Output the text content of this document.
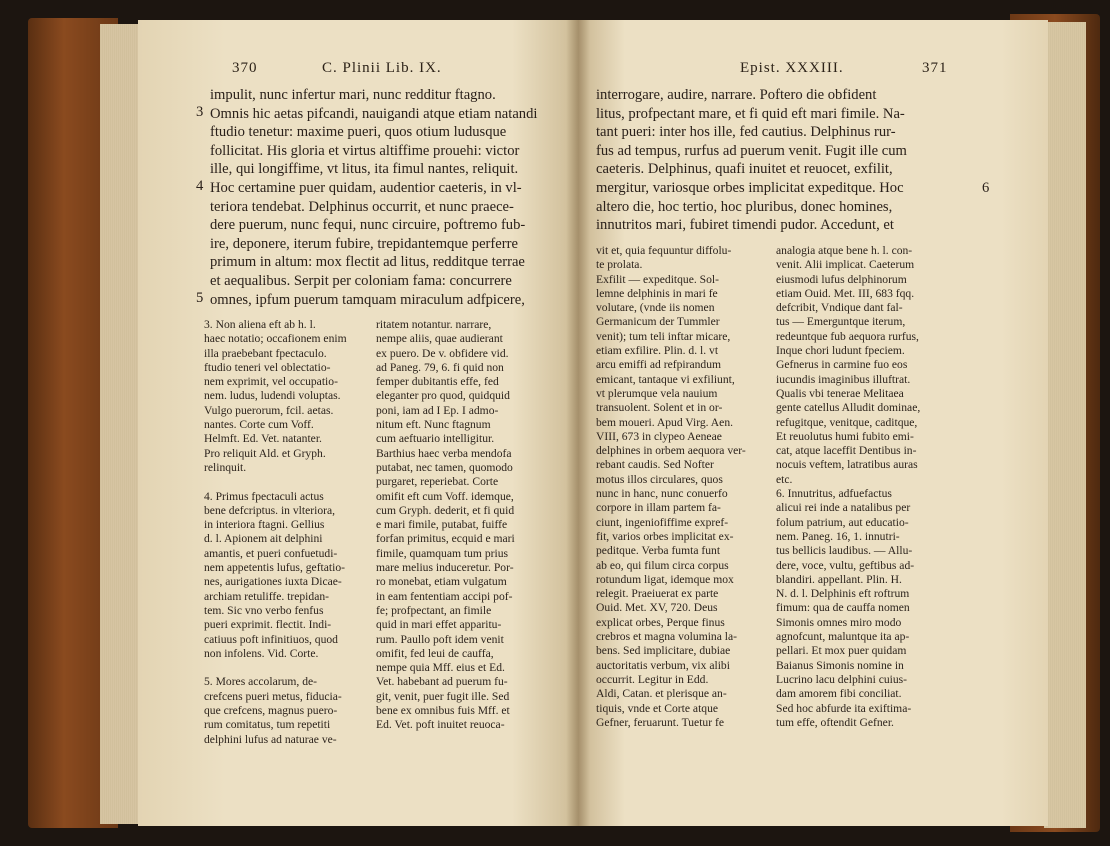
370	C. Plinii Lib. IX.	Epist. XXXIII.	371
impulit, nunc infertur mari, nunc redditur ftagno.
Omnis hic aetas pifcandi, nauigandi atque etiam natandi
ftudio tenetur: maxime pueri, quos otium ludusque
follicitat. His gloria et virtus altiffime prouehi: victor
ille, qui longiffime, vt litus, ita fimul nantes, reliquit.
Hoc certamine puer quidam, audentior caeteris, in vl-
teriora tendebat. Delphinus occurrit, et nunc praece-
dere puerum, nunc fequi, nunc circuire, poftremo fub-
ire, deponere, iterum fubire, trepidantemque perferre
primum in altum: mox flectit ad litus, redditque terrae
et aequalibus. Serpit per coloniam fama: concurrere
omnes, ipfum puerum tamquam miraculum adfpicere,
3
4
5
3. Non aliena eft ab h. l.
haec notatio; occafionem enim
illa praebebant fpectaculo.
ftudio teneri vel oblectatio-
nem exprimit, vel occupatio-
nem. ludus, ludendi voluptas.
Vulgo puerorum, fcil. aetas.
nantes. Corte cum Voff.
Helmft. Ed. Vet. natanter.
Pro reliquit Ald. et Gryph.
relinquit.
4. Primus fpectaculi actus
bene defcriptus. in vlteriora,
in interiora ftagni. Gellius
d. l. Apionem ait delphini
amantis, et pueri confuetudi-
nem appetentis lufus, geftatio-
nes, aurigationes iuxta Dicae-
archiam retuliffe. trepidan-
tem. Sic vno verbo fenfus
pueri exprimit. flectit. Indi-
catiuus poft infinitiuos, quod
non infolens. Vid. Corte.
5. Mores accolarum, de-
crefcens pueri metus, fiducia-
que crefcens, magnus puero-
rum comitatus, tum repetiti
delphini lufus ad naturae ve-
ritatem notantur. narrare,
nempe aliis, quae audierant
ex puero. De v. obfidere vid.
ad Paneg. 79, 6. fi quid non
femper dubitantis effe, fed
eleganter pro quod, quidquid
poni, iam ad I Ep. I admo-
nitum eft. Nunc ftagnum
cum aeftuario intelligitur.
Barthius haec verba mendofa
putabat, nec tamen, quomodo
purgaret, reperiebat. Corte
omifit eft cum Voff. idemque,
cum Gryph. dederit, et fi quid
e mari fimile, putabat, fuiffe
forfan primitus, ecquid e mari
fimile, quamquam tum prius
mare melius induceretur. Por-
ro monebat, etiam vulgatum
in eam fententiam accipi pof-
fe; profpectant, an fimile
quid in mari effet apparitu-
rum. Paullo poft idem venit
omifit, fed leui de cauffa,
nempe quia Mff. eius et Ed.
Vet. habebant ad puerum fu-
git, venit, puer fugit ille. Sed
bene ex omnibus fuis Mff. et
Ed. Vet. poft inuitet reuoca-
interrogare, audire, narrare. Poftero die obfident
litus, profpectant mare, et fi quid eft mari fimile. Na-
tant pueri: inter hos ille, fed cautius. Delphinus rur-
fus ad tempus, rurfus ad puerum venit. Fugit ille cum
caeteris. Delphinus, quafi inuitet et reuocet, exfilit,
mergitur, variosque orbes implicitat expeditque. Hoc
altero die, hoc tertio, hoc pluribus, donec homines,
innutritos mari, fubiret timendi pudor. Accedunt, et
6
vit et, quia fequuntur diffolu-
te prolata.
Exfilit — expeditque. Sol-
lemne delphinis in mari fe
volutare, (vnde iis nomen
Germanicum der Tummler
venit); tum teli inftar micare,
etiam exfilire. Plin. d. l. vt
arcu emiffi ad refpirandum
emicant, tantaque vi exfiliunt,
vt plerumque vela nauium
transuolent. Solent et in or-
bem moueri. Apud Virg. Aen.
VIII, 673 in clypeo Aeneae
delphines in orbem aequora ver-
rebant caudis. Sed Nofter
motus illos circulares, quos
nunc in hanc, nunc conuerfo
corpore in illam partem fa-
ciunt, ingeniofiffime expref-
fit, varios orbes implicitat ex-
peditque. Verba fumta funt
ab eo, qui filum circa corpus
rotundum ligat, idemque mox
relegit. Praeiuerat ex parte
Ouid. Met. XV, 720. Deus
explicat orbes, Perque finus
crebros et magna volumina la-
bens. Sed implicitare, dubiae
auctoritatis verbum, vix alibi
occurrit. Legitur in Edd.
Aldi, Catan. et plerisque an-
tiquis, vnde et Corte atque
Gefner, feruarunt. Tuetur fe
analogia atque bene h. l. con-
venit. Alii implicat. Caeterum
eiusmodi lufus delphinorum
etiam Ouid. Met. III, 683 fqq.
defcribit, Vndique dant fal-
tus — Emerguntque iterum,
redeuntque fub aequora rurfus,
Inque chori ludunt fpeciem.
Gefnerus in carmine fuo eos
iucundis imaginibus illuftrat.
Qualis vbi tenerae Melitaea
gente catellus Alludit dominae,
refugitque, venitque, caditque,
Et reuolutus humi fubito emi-
cat, atque laceffit Dentibus in-
nocuis veftem, latratibus auras
etc.
6. Innutritus, adfuefactus
alicui rei inde a natalibus per
folum patrium, aut educatio-
nem. Paneg. 16, 1. innutri-
tus bellicis laudibus. — Allu-
dere, voce, vultu, geftibus ad-
blandiri. appellant. Plin. H.
N. d. l. Delphinis eft roftrum
fimum: qua de cauffa nomen
Simonis omnes miro modo
agnofcunt, maluntque ita ap-
pellari. Et mox puer quidam
Baianus Simonis nomine in
Lucrino lacu delphini cuius-
dam amorem fibi conciliat.
Sed hoc abfurde ita exiftima-
tum effe, oftendit Gefner.
